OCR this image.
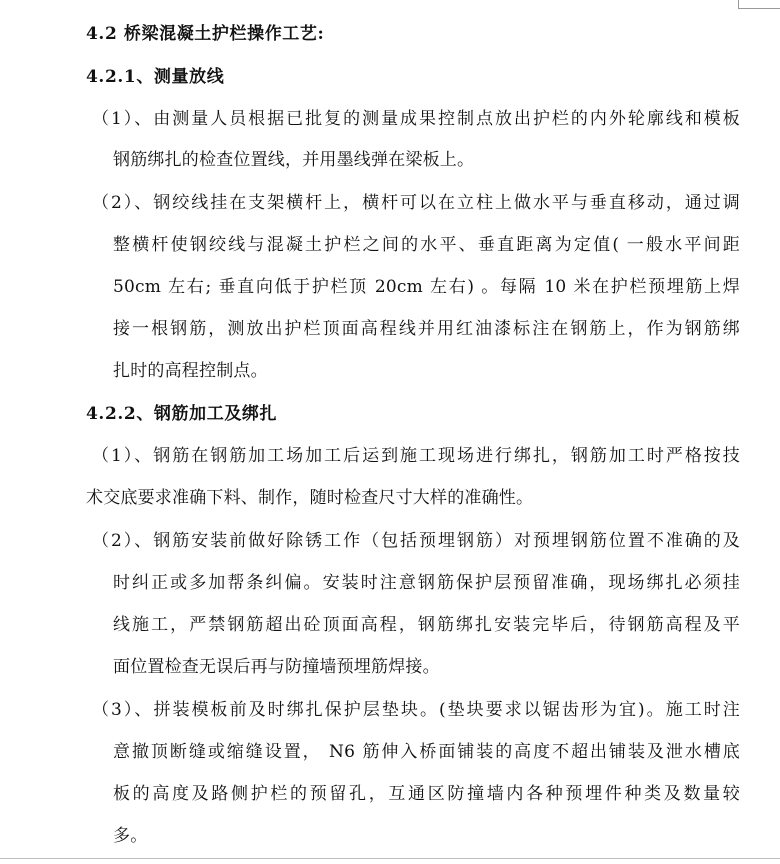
4.2 桥梁混凝土护栏操作工艺:
4.2.1、测量放线
（1）、由测量人员根据已批复的测量成果控制点放出护栏的内外轮廓线和模板
钢筋绑扎的检查位置线，并用墨线弹在梁板上。
（2）、钢绞线挂在支架横杆上，横杆可以在立柱上做水平与垂直移动，通过调
整横杆使钢绞线与混凝土护栏之间的水平、垂直距离为定值( 一般水平间距
50cm 左右; 垂直向低于护栏顶 20cm 左右) 。每隔 10 米在护栏预埋筋上焊
接一根钢筋，测放出护栏顶面高程线并用红油漆标注在钢筋上，作为钢筋绑
扎时的高程控制点。
4.2.2、钢筋加工及绑扎
（1）、钢筋在钢筋加工场加工后运到施工现场进行绑扎，钢筋加工时严格按技
术交底要求准确下料、制作，随时检查尺寸大样的准确性。
（2）、钢筋安装前做好除锈工作（包括预埋钢筋）对预埋钢筋位置不准确的及
时纠正或多加帮条纠偏。安装时注意钢筋保护层预留准确，现场绑扎必须挂
线施工，严禁钢筋超出砼顶面高程，钢筋绑扎安装完毕后，待钢筋高程及平
面位置检查无误后再与防撞墙预埋筋焊接。
（3）、拼装模板前及时绑扎保护层垫块。(垫块要求以锯齿形为宜)。施工时注
意撤顶断缝或缩缝设置， N6 筋伸入桥面铺装的高度不超出铺装及泄水槽底
板的高度及路侧护栏的预留孔，互通区防撞墙内各种预埋件种类及数量较
多。
